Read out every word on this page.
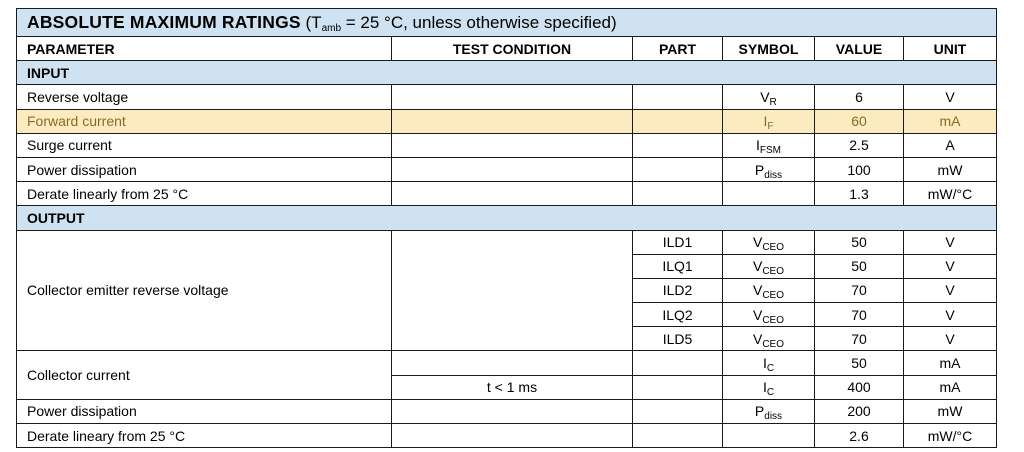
ABSOLUTE MAXIMUM RATINGS ($T_{amb} = 25$ °C, unless otherwise specified)					
PARAMETER	TEST CONDITION	PART	SYMBOL	VALUE	UNIT
INPUT					
Reverse voltage			$V_R$	6	V
Forward current			$I_F$	60	mA
Surge current			$I_{FSM}$	2.5	A
Power dissipation			$P_{diss}$	100	mW
Derate linearly from 25 °C				1.3	mW/°C
OUTPUT					
Collector emitter reverse voltage		ILD1	$V_{CEO}$	50	V
		ILQ1	$V_{CEO}$	50	V
		ILD2	$V_{CEO}$	70	V
		ILQ2	$V_{CEO}$	70	V
		ILD5	$V_{CEO}$	70	V
Collector current			$I_C$	50	mA
	t < 1 ms		$I_C$	400	mA
Power dissipation			$P_{diss}$	200	mW
Derate lineary from 25 °C				2.6	mW/°C
